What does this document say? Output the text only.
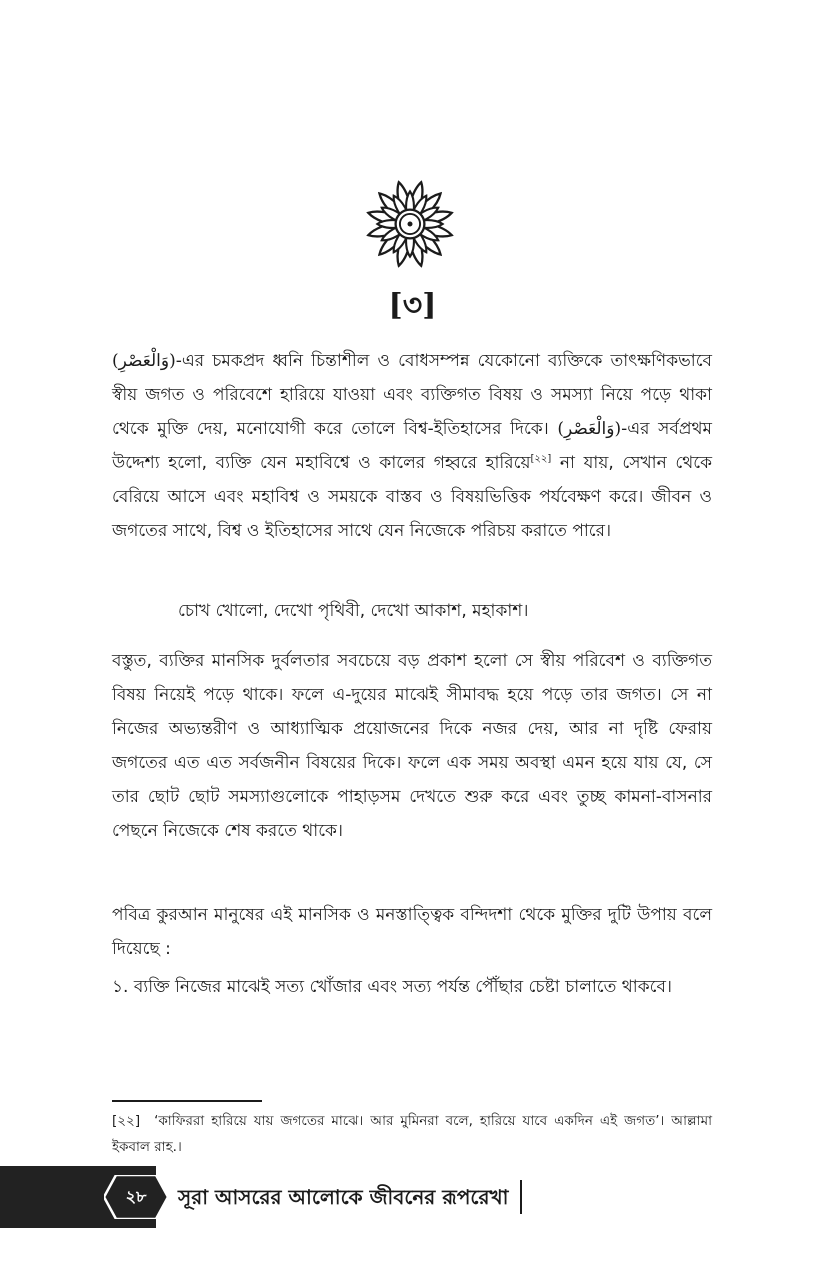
[৩]

(وَالْعَصْرِ)-এর চমকপ্রদ ধ্বনি চিন্তাশীল ও বোধসম্পন্ন যেকোনো ব্যক্তিকে তাৎক্ষণিকভাবে স্বীয় জগত ও পরিবেশে হারিয়ে যাওয়া এবং ব্যক্তিগত বিষয় ও সমস্যা নিয়ে পড়ে থাকা থেকে মুক্তি দেয়, মনোযোগী করে তোলে বিশ্ব-ইতিহাসের দিকে। (وَالْعَصْرِ)-এর সর্বপ্রথম উদ্দেশ্য হলো, ব্যক্তি যেন মহাবিশ্বে ও কালের গহ্বরে হারিয়ে[২২] না যায়, সেখান থেকে বেরিয়ে আসে এবং মহাবিশ্ব ও সময়কে বাস্তব ও বিষয়ভিত্তিক পর্যবেক্ষণ করে। জীবন ও জগতের সাথে, বিশ্ব ও ইতিহাসের সাথে যেন নিজেকে পরিচয় করাতে পারে।

চোখ খোলো, দেখো পৃথিবী, দেখো আকাশ, মহাকাশ।

বস্তুত, ব্যক্তির মানসিক দুর্বলতার সবচেয়ে বড় প্রকাশ হলো সে স্বীয় পরিবেশ ও ব্যক্তিগত বিষয় নিয়েই পড়ে থাকে। ফলে এ-দুয়ের মাঝেই সীমাবদ্ধ হয়ে পড়ে তার জগত। সে না নিজের অভ্যন্তরীণ ও আধ্যাত্মিক প্রয়োজনের দিকে নজর দেয়, আর না দৃষ্টি ফেরায় জগতের এত এত সর্বজনীন বিষয়ের দিকে। ফলে এক সময় অবস্থা এমন হয়ে যায় যে, সে তার ছোট ছোট সমস্যাগুলোকে পাহাড়সম দেখতে শুরু করে এবং তুচ্ছ কামনা-বাসনার পেছনে নিজেকে শেষ করতে থাকে।

পবিত্র কুরআন মানুষের এই মানসিক ও মনস্তাত্ত্বিক বন্দিদশা থেকে মুক্তির দুটি উপায় বলে দিয়েছে :

১. ব্যক্তি নিজের মাঝেই সত্য খোঁজার এবং সত্য পর্যন্ত পৌঁছার চেষ্টা চালাতে থাকবে।

[২২] ‘কাফিররা হারিয়ে যায় জগতের মাঝে। আর মুমিনরা বলে, হারিয়ে যাবে একদিন এই জগত’। আল্লামা ইকবাল রাহ.।

২৮	সূরা আসরের আলোকে জীবনের রূপরেখা
